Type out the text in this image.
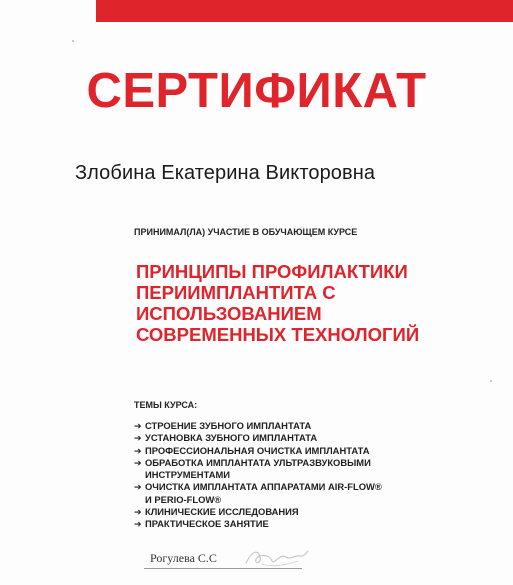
СЕРТИФИКАТ
Злобина Екатерина Викторовна
ПРИНИМАЛ(ЛА) УЧАСТИЕ В ОБУЧАЮЩЕМ КУРСЕ
ПРИНЦИПЫ ПРОФИЛАКТИКИ
ПЕРИИМПЛАНТИТА С
ИСПОЛЬЗОВАНИЕМ
СОВРЕМЕННЫХ ТЕХНОЛОГИЙ
ТЕМЫ КУРСА:
➔ СТРОЕНИЕ ЗУБНОГО ИМПЛАНТАТА
➔ УСТАНОВКА ЗУБНОГО ИМПЛАНТАТА
➔ ПРОФЕССИОНАЛЬНАЯ ОЧИСТКА ИМПЛАНТАТА
➔ ОБРАБОТКА ИМПЛАНТАТА УЛЬТРАЗВУКОВЫМИ
ИНСТРУМЕНТАМИ
➔ ОЧИСТКА ИМПЛАНТАТА АППАРАТАМИ AIR-FLOW®
И PERIO-FLOW®
➔ КЛИНИЧЕСКИЕ ИССЛЕДОВАНИЯ
➔ ПРАКТИЧЕСКОЕ ЗАНЯТИЕ
Рогулева С.С
